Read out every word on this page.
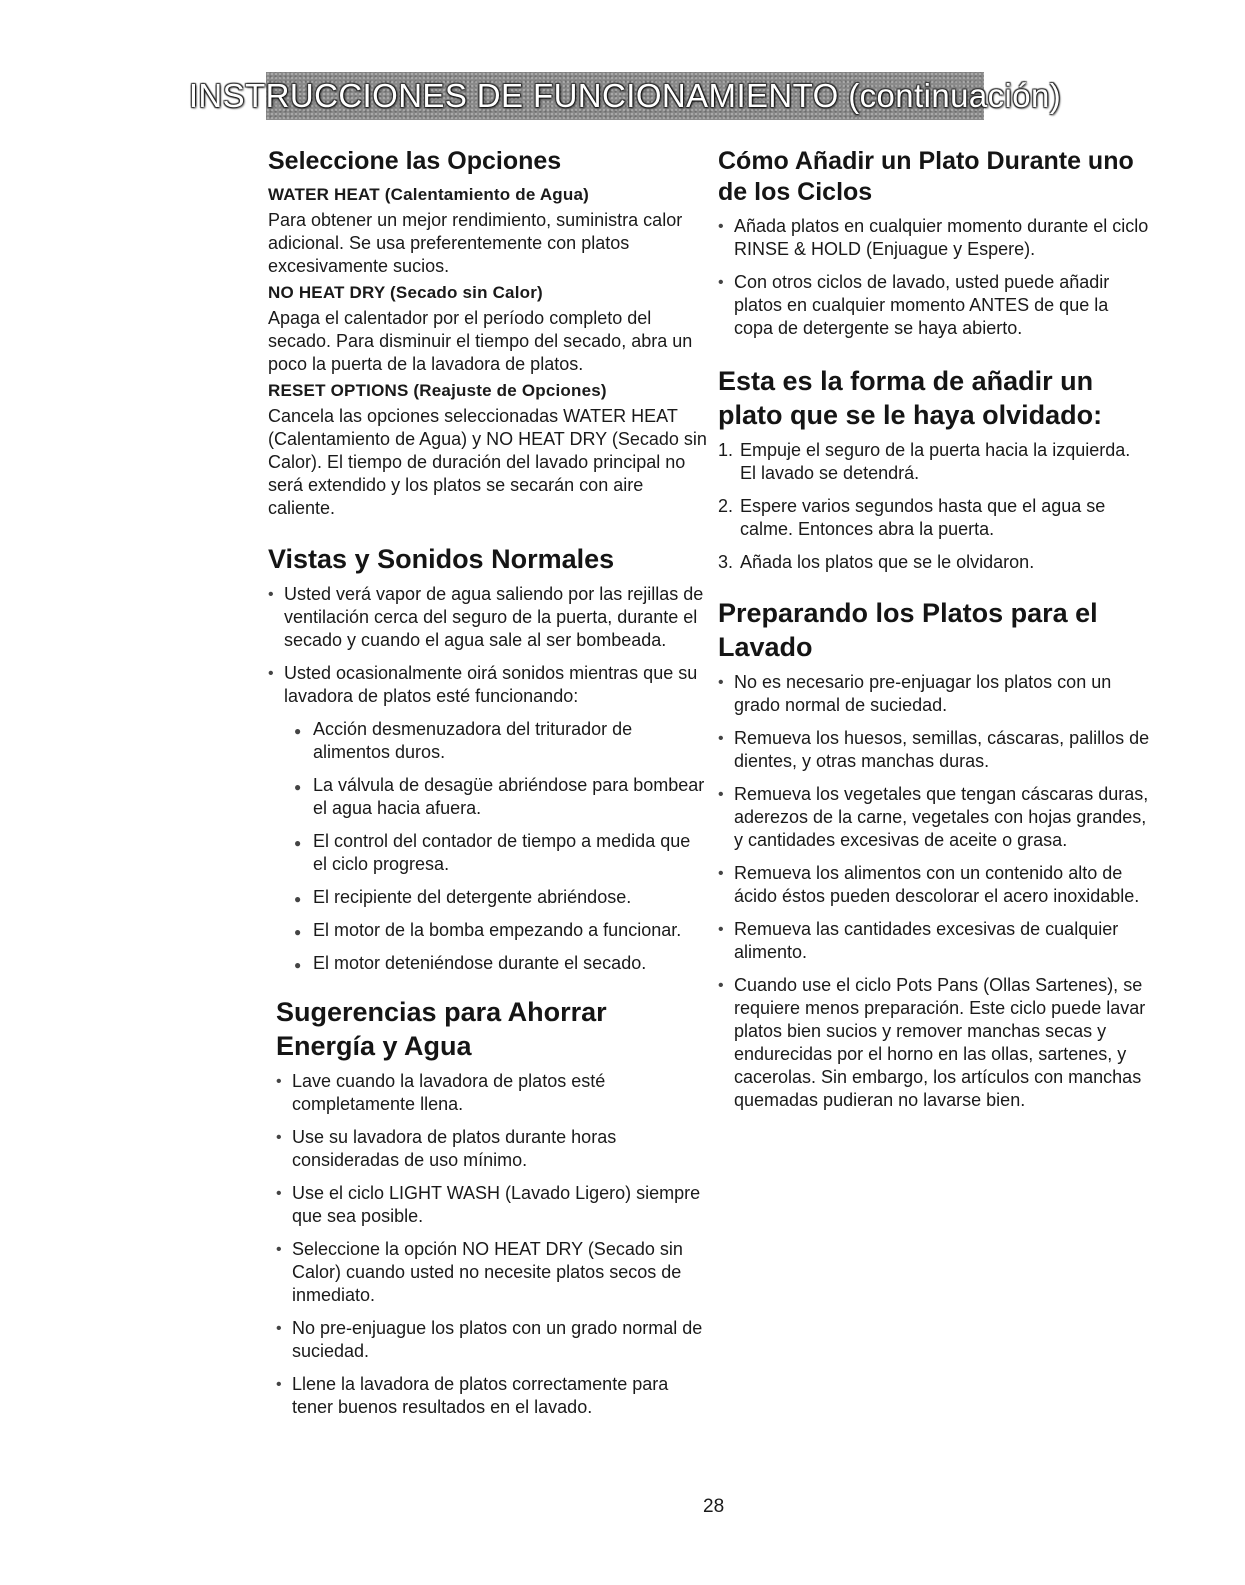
INSTRUCCIONES DE FUNCIONAMIENTO (continuación)
Seleccione las Opciones
WATER HEAT (Calentamiento de Agua)

Para obtener un mejor rendimiento, suministra calor adicional. Se usa preferentemente con platos excesivamente sucios.

NO HEAT DRY (Secado sin Calor)

Apaga el calentador por el período completo del secado. Para disminuir el tiempo del secado, abra un poco la puerta de la lavadora de platos.

RESET OPTIONS (Reajuste de Opciones)

Cancela las opciones seleccionadas WATER HEAT (Calentamiento de Agua) y NO HEAT DRY (Secado sin Calor). El tiempo de duración del lavado principal no será extendido y los platos se secarán con aire caliente.

Vistas y Sonidos Normales
• Usted verá vapor de agua saliendo por las rejillas de ventilación cerca del seguro de la puerta, durante el secado y cuando el agua sale al ser bombeada.
• Usted ocasionalmente oirá sonidos mientras que su lavadora de platos esté funcionando:
● Acción desmenuzadora del triturador de alimentos duros.
● La válvula de desagüe abriéndose para bombear el agua hacia afuera.
● El control del contador de tiempo a medida que el ciclo progresa.
● El recipiente del detergente abriéndose.
● El motor de la bomba empezando a funcionar.
● El motor deteniéndose durante el secado.
Sugerencias para Ahorrar Energía y Agua
• Lave cuando la lavadora de platos esté completamente llena.
• Use su lavadora de platos durante horas consideradas de uso mínimo.
• Use el ciclo LIGHT WASH (Lavado Ligero) siempre que sea posible.
• Seleccione la opción NO HEAT DRY (Secado sin Calor) cuando usted no necesite platos secos de inmediato.
• No pre-enjuague los platos con un grado normal de suciedad.
• Llene la lavadora de platos correctamente para tener buenos resultados en el lavado.
Cómo Añadir un Plato Durante uno de los Ciclos
• Añada platos en cualquier momento durante el ciclo RINSE & HOLD (Enjuague y Espere).
• Con otros ciclos de lavado, usted puede añadir platos en cualquier momento ANTES de que la copa de detergente se haya abierto.
Esta es la forma de añadir un plato que se le haya olvidado:
1. Empuje el seguro de la puerta hacia la izquierda. El lavado se detendrá.
2. Espere varios segundos hasta que el agua se calme. Entonces abra la puerta.
3. Añada los platos que se le olvidaron.
Preparando los Platos para el Lavado
• No es necesario pre-enjuagar los platos con un grado normal de suciedad.
• Remueva los huesos, semillas, cáscaras, palillos de dientes, y otras manchas duras.
• Remueva los vegetales que tengan cáscaras duras, aderezos de la carne, vegetales con hojas grandes, y cantidades excesivas de aceite o grasa.
• Remueva los alimentos con un contenido alto de ácido éstos pueden descolorar el acero inoxidable.
• Remueva las cantidades excesivas de cualquier alimento.
• Cuando use el ciclo Pots Pans (Ollas Sartenes), se requiere menos preparación. Este ciclo puede lavar platos bien sucios y remover manchas secas y endurecidas por el horno en las ollas, sartenes, y cacerolas. Sin embargo, los artículos con manchas quemadas pudieran no lavarse bien.
28
